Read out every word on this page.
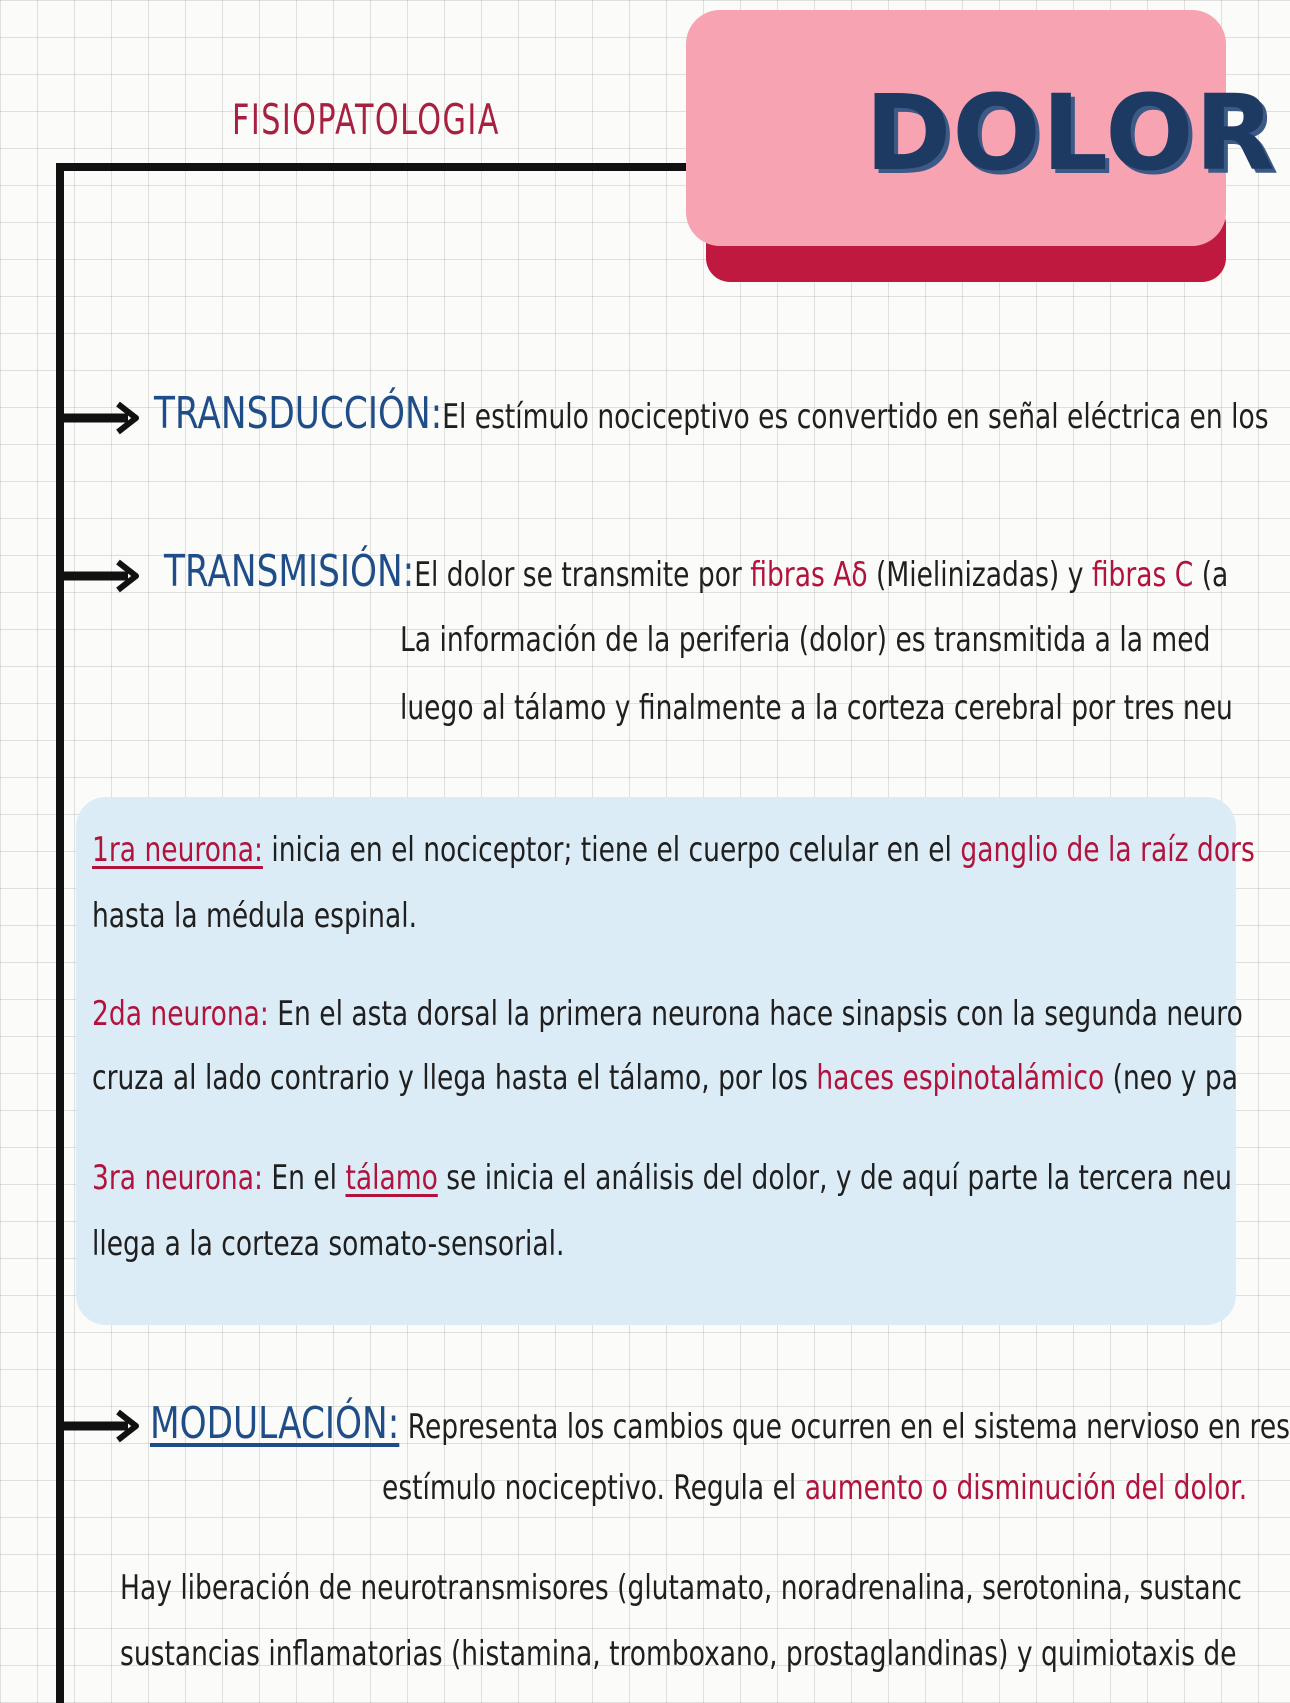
FISIOPATOLOGIA	DOLOR
TRANSDUCCIÓN:El estímulo nociceptivo es convertido en señal eléctrica en los
TRANSMISIÓN:El dolor se transmite por fibras Aδ (Mielinizadas) y fibras C (a
La información de la periferia (dolor) es transmitida a la med
luego al tálamo y finalmente a la corteza cerebral por tres neu
1ra neurona: inicia en el nociceptor; tiene el cuerpo celular en el ganglio de la raíz dors
hasta la médula espinal.
2da neurona: En el asta dorsal la primera neurona hace sinapsis con la segunda neuro
cruza al lado contrario y llega hasta el tálamo, por los haces espinotalámico (neo y pa
3ra neurona: En el tálamo se inicia el análisis del dolor, y de aquí parte la tercera neu
llega a la corteza somato-sensorial.
MODULACIÓN: Representa los cambios que ocurren en el sistema nervioso en res
estímulo nociceptivo. Regula el aumento o disminución del dolor.
Hay liberación de neurotransmisores (glutamato, noradrenalina, serotonina, sustanc
sustancias inflamatorias (histamina, tromboxano, prostaglandinas) y quimiotaxis de
